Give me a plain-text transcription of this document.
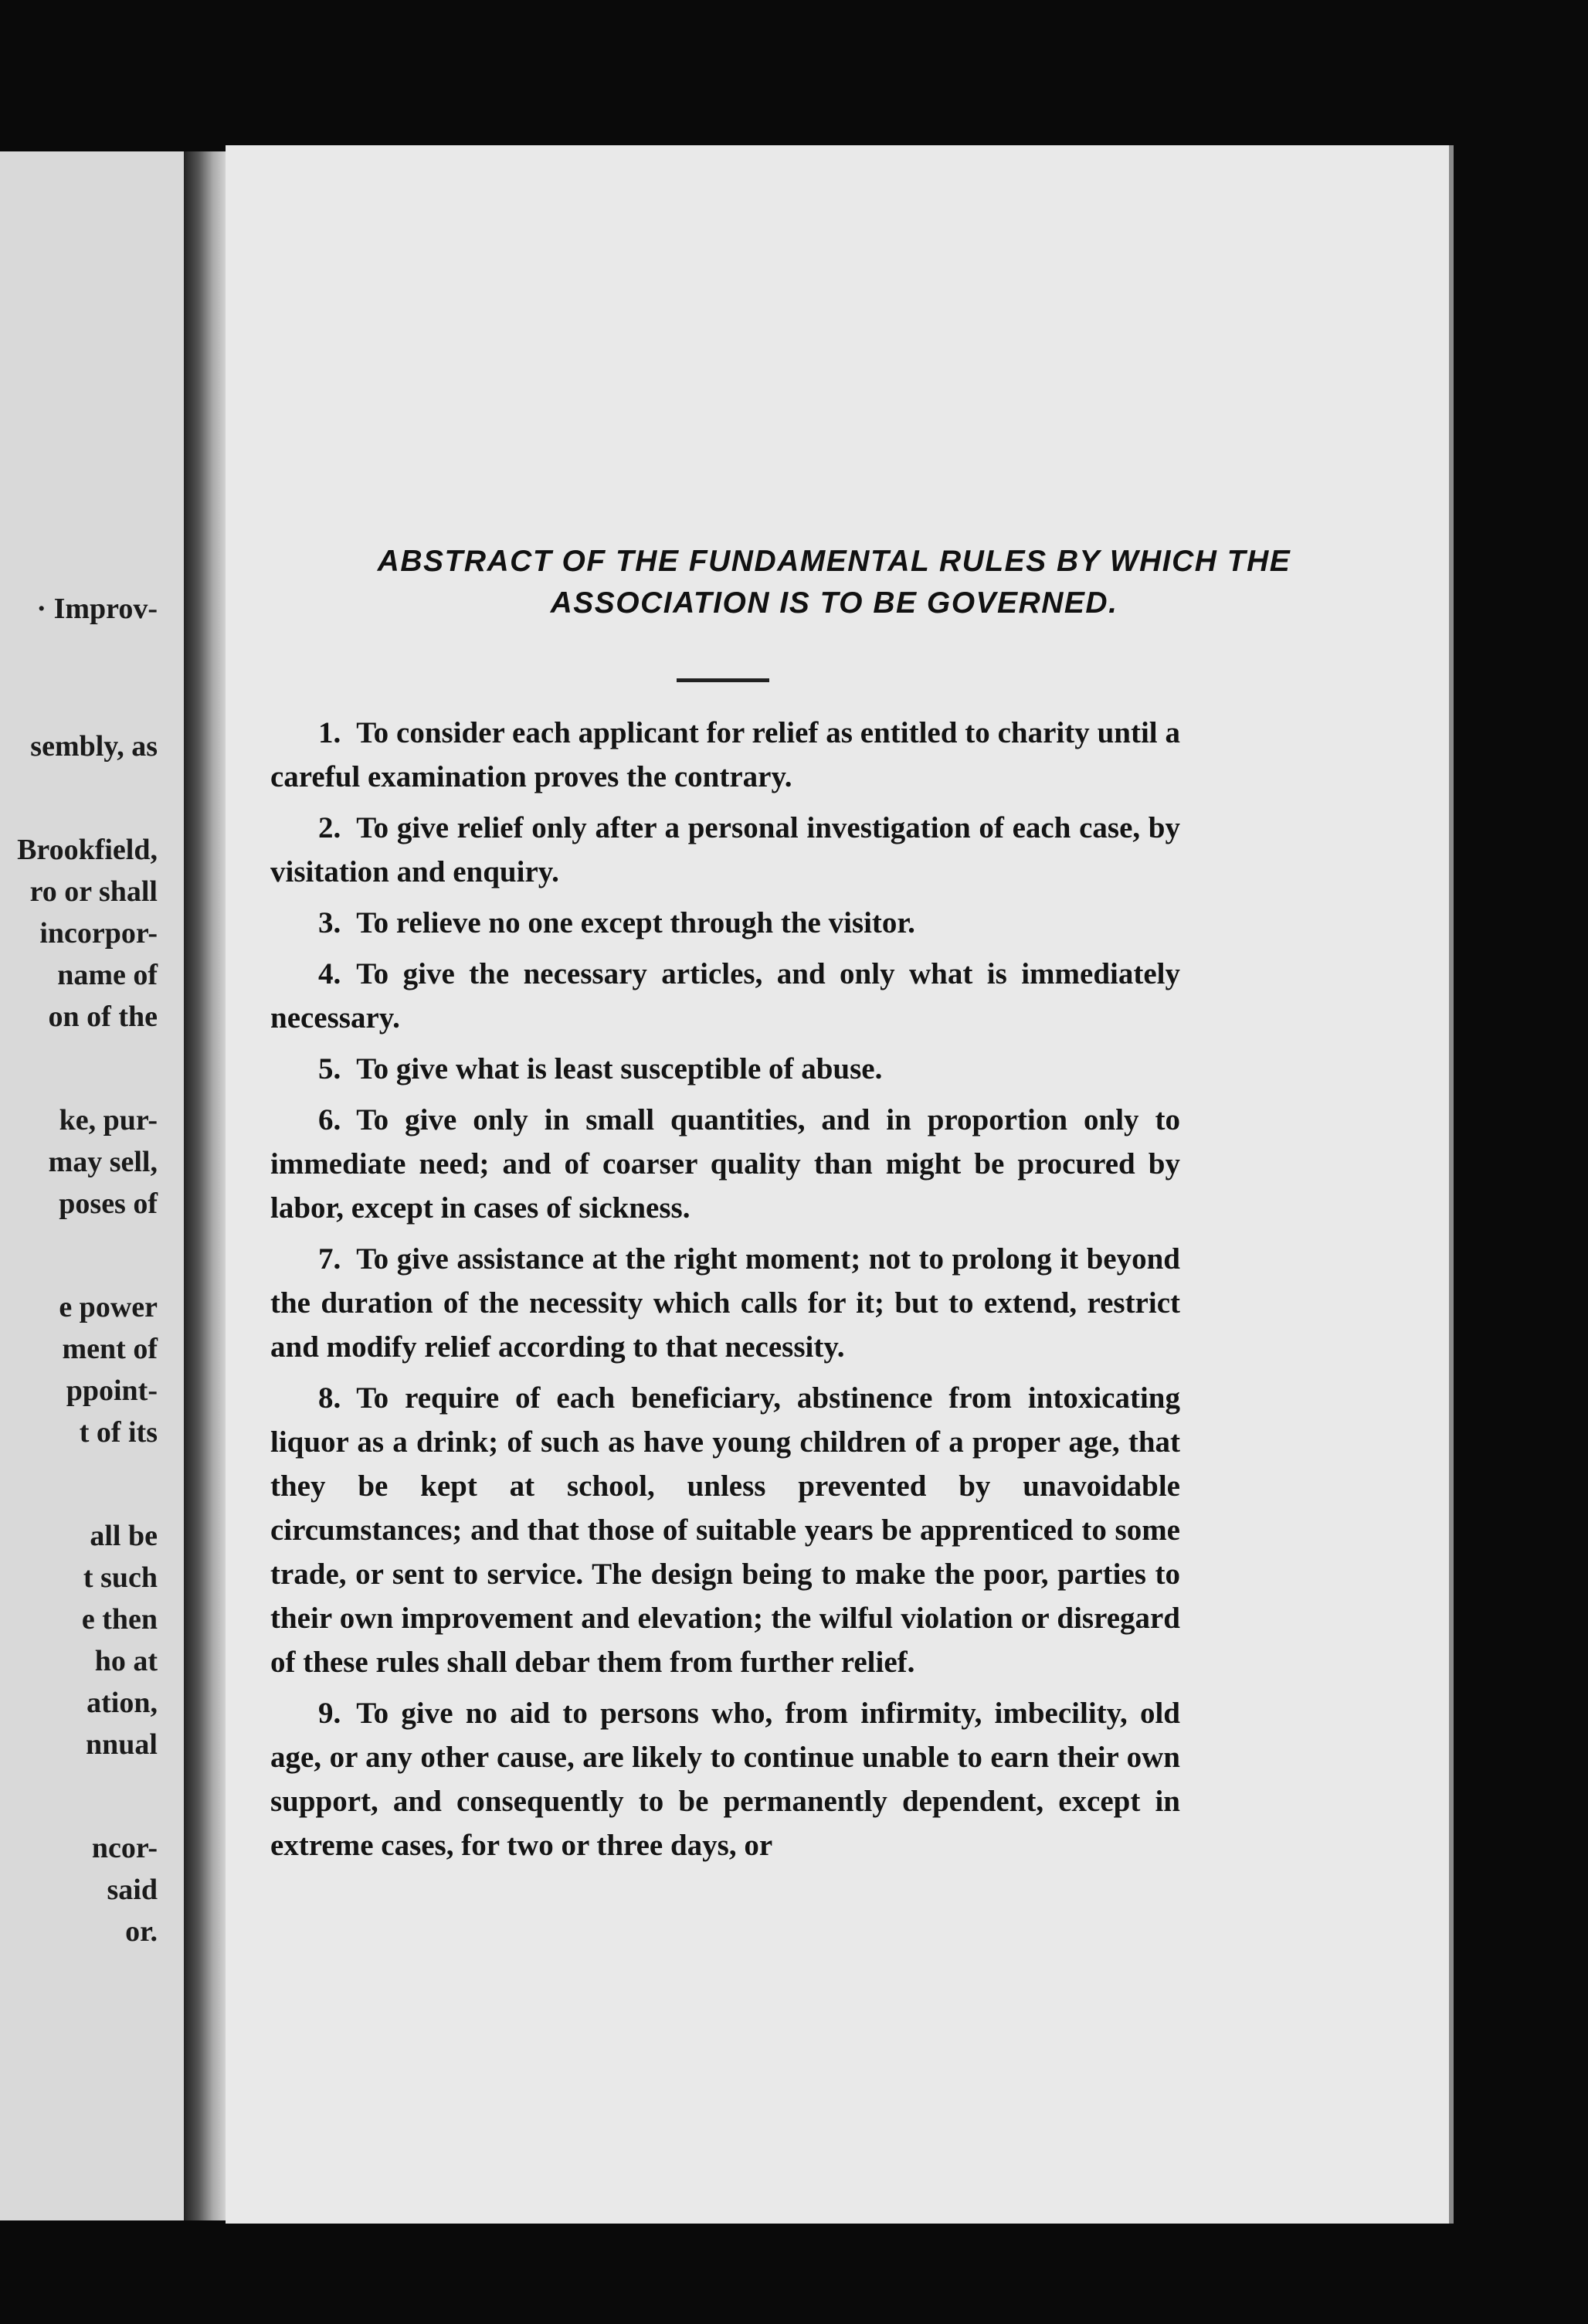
· Improv-
sembly, as
Brookfield,
ro or shall
incorpor-
name of
on of the
ke, pur-
may sell,
poses of
e power
ment of
ppoint-
t of its
all be
t such
e then
ho at
ation,
nnual
ncor-
said
or.
ABSTRACT OF THE FUNDAMENTAL RULES BY WHICH THE
ASSOCIATION IS TO BE GOVERNED.

1. To consider each applicant for relief as entitled to charity until a careful examination proves the contrary.

2. To give relief only after a personal investigation of each case, by visitation and enquiry.

3. To relieve no one except through the visitor.

4. To give the necessary articles, and only what is immediately necessary.

5. To give what is least susceptible of abuse.

6. To give only in small quantities, and in proportion only to immediate need; and of coarser quality than might be procured by labor, except in cases of sickness.

7. To give assistance at the right moment; not to prolong it beyond the duration of the necessity which calls for it; but to extend, restrict and modify relief according to that necessity.

8. To require of each beneficiary, abstinence from intoxicating liquor as a drink; of such as have young children of a proper age, that they be kept at school, unless prevented by unavoidable circumstances; and that those of suitable years be apprenticed to some trade, or sent to service. The design being to make the poor, parties to their own improvement and elevation; the wilful violation or disregard of these rules shall debar them from further relief.

9. To give no aid to persons who, from infirmity, imbecility, old age, or any other cause, are likely to continue unable to earn their own support, and consequently to be permanently dependent, except in extreme cases, for two or three days, or
